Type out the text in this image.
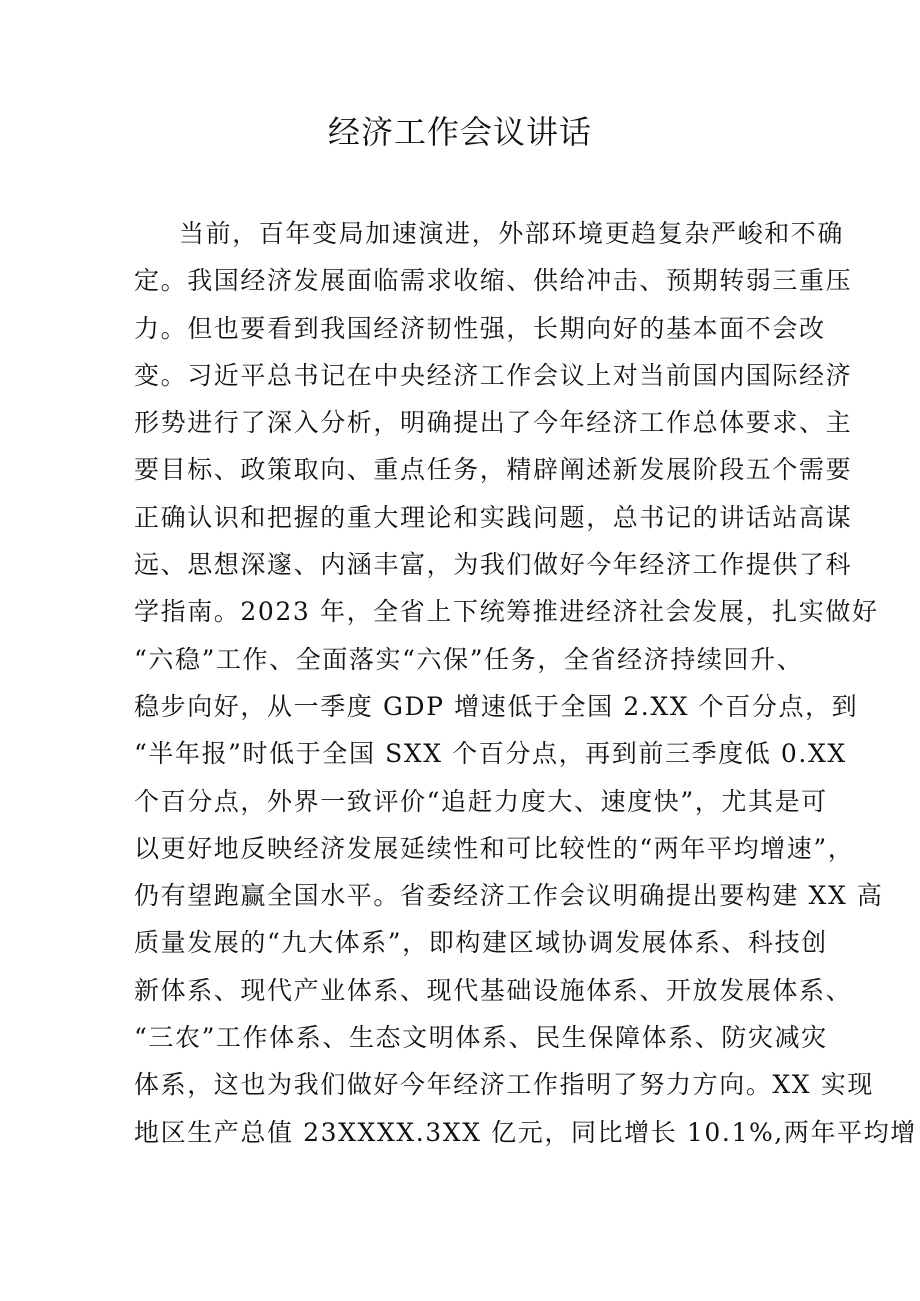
经济工作会议讲话
当前，百年变局加速演进，外部环境更趋复杂严峻和不确
定。我国经济发展面临需求收缩、供给冲击、预期转弱三重压
力。但也要看到我国经济韧性强，长期向好的基本面不会改
变。习近平总书记在中央经济工作会议上对当前国内国际经济
形势进行了深入分析，明确提出了今年经济工作总体要求、主
要目标、政策取向、重点任务，精辟阐述新发展阶段五个需要
正确认识和把握的重大理论和实践问题，总书记的讲话站高谋
远、思想深邃、内涵丰富，为我们做好今年经济工作提供了科
学指南。2023 年，全省上下统筹推进经济社会发展，扎实做好
“六稳”工作、全面落实“六保”任务，全省经济持续回升、
稳步向好，从一季度 GDP 增速低于全国 2.XX 个百分点，到
“半年报”时低于全国 SXX 个百分点，再到前三季度低 0.XX
个百分点，外界一致评价“追赶力度大、速度快”，尤其是可
以更好地反映经济发展延续性和可比较性的“两年平均增速”，
仍有望跑赢全国水平。省委经济工作会议明确提出要构建 XX 高
质量发展的“九大体系”，即构建区域协调发展体系、科技创
新体系、现代产业体系、现代基础设施体系、开放发展体系、
“三农”工作体系、生态文明体系、民生保障体系、防灾减灾
体系，这也为我们做好今年经济工作指明了努力方向。XX 实现
地区生产总值 23XXXX.3XX 亿元，同比增长 10.1%,两年平均增
